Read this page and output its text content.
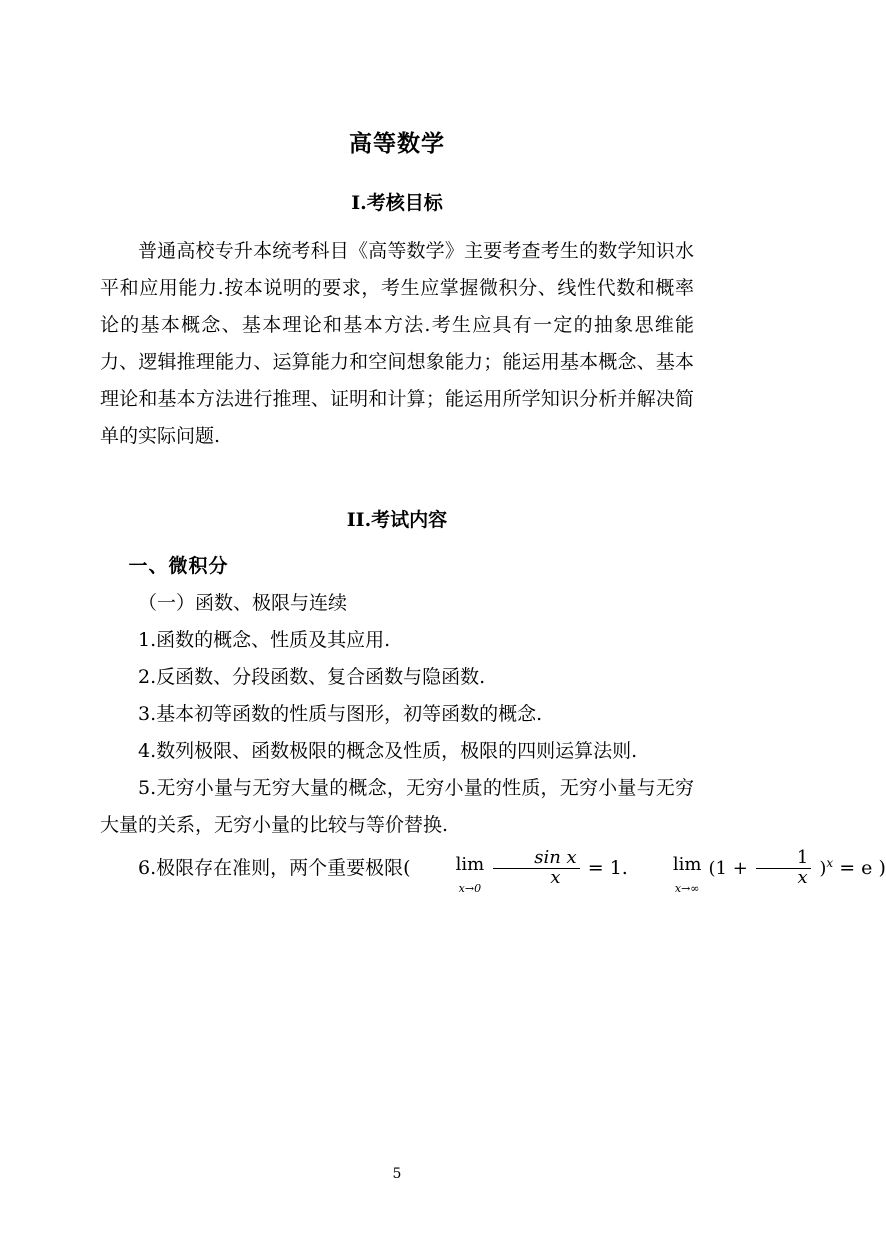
高等数学
I.考核目标

普通高校专升本统考科目《高等数学》主要考查考生的数学知识水平和应用能力.按本说明的要求，考生应掌握微积分、线性代数和概率论的基本概念、基本理论和基本方法.考生应具有一定的抽象思维能力、逻辑推理能力、运算能力和空间想象能力；能运用基本概念、基本理论和基本方法进行推理、证明和计算；能运用所学知识分析并解决简单的实际问题.

II.考试内容

一、微积分

（一）函数、极限与连续

1.函数的概念、性质及其应用.

2.反函数、分段函数、复合函数与隐函数.

3.基本初等函数的性质与图形，初等函数的概念.

4.数列极限、函数极限的概念及性质，极限的四则运算法则.

5.无穷小量与无穷大量的概念，无穷小量的性质，无穷小量与无穷大量的关系，无穷小量的比较与等价替换.

6.极限存在准则，两个重要极限(	lim
x→0

$\frac{\text{sin x}}{x} = 1$.	lim
x→∞
$(1 + \frac{1}{x} )^x = e$ )

5
